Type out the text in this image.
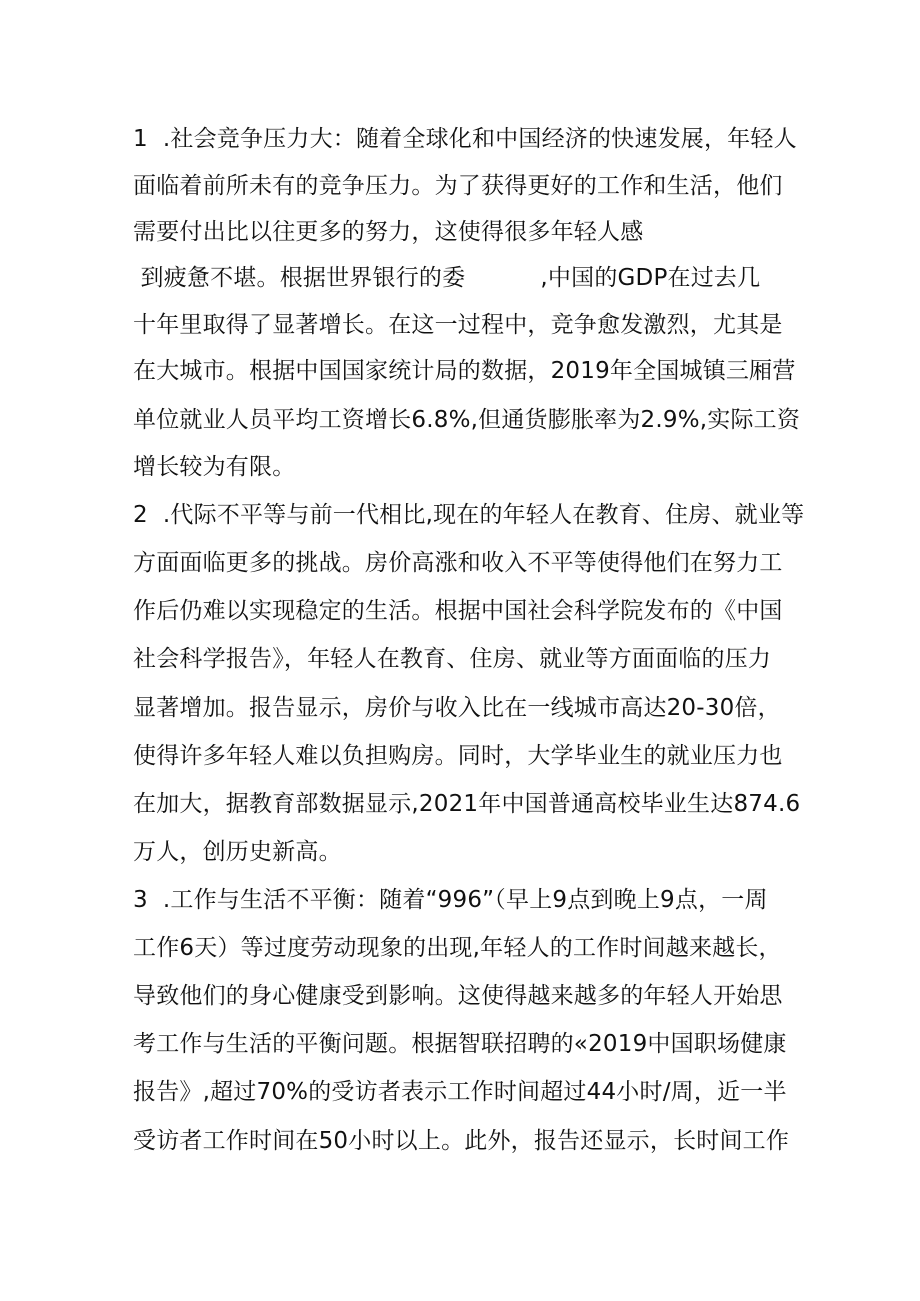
1  .社会竞争压力大：随着全球化和中国经济的快速发展，年轻人
面临着前所未有的竞争压力。为了获得更好的工作和生活，他们
需要付出比以往更多的努力，这使得很多年轻人感
到疲惫不堪。根据世界银行的委          ,中国的GDP在过去几
十年里取得了显著增长。在这一过程中，竞争愈发激烈，尤其是
在大城市。根据中国国家统计局的数据，2019年全国城镇三厢营
单位就业人员平均工资增长6.8%,但通货膨胀率为2.9%,实际工资
增长较为有限。
2  .代际不平等与前一代相比,现在的年轻人在教育、住房、就业等
方面面临更多的挑战。房价高涨和收入不平等使得他们在努力工
作后仍难以实现稳定的生活。根据中国社会科学院发布的《中国
社会科学报告》，年轻人在教育、住房、就业等方面面临的压力
显著增加。报告显示，房价与收入比在一线城市高达20-30倍，
使得许多年轻人难以负担购房。同时，大学毕业生的就业压力也
在加大，据教育部数据显示,2021年中国普通高校毕业生达874.6
万人，创历史新高。
3  .工作与生活不平衡：随着“996”（早上9点到晚上9点，一周
工作6天）等过度劳动现象的出现,年轻人的工作时间越来越长，
导致他们的身心健康受到影响。这使得越来越多的年轻人开始思
考工作与生活的平衡问题。根据智联招聘的«2019中国职场健康
报告》,超过70%的受访者表示工作时间超过44小时/周，近一半
受访者工作时间在50小时以上。此外，报告还显示，长时间工作
